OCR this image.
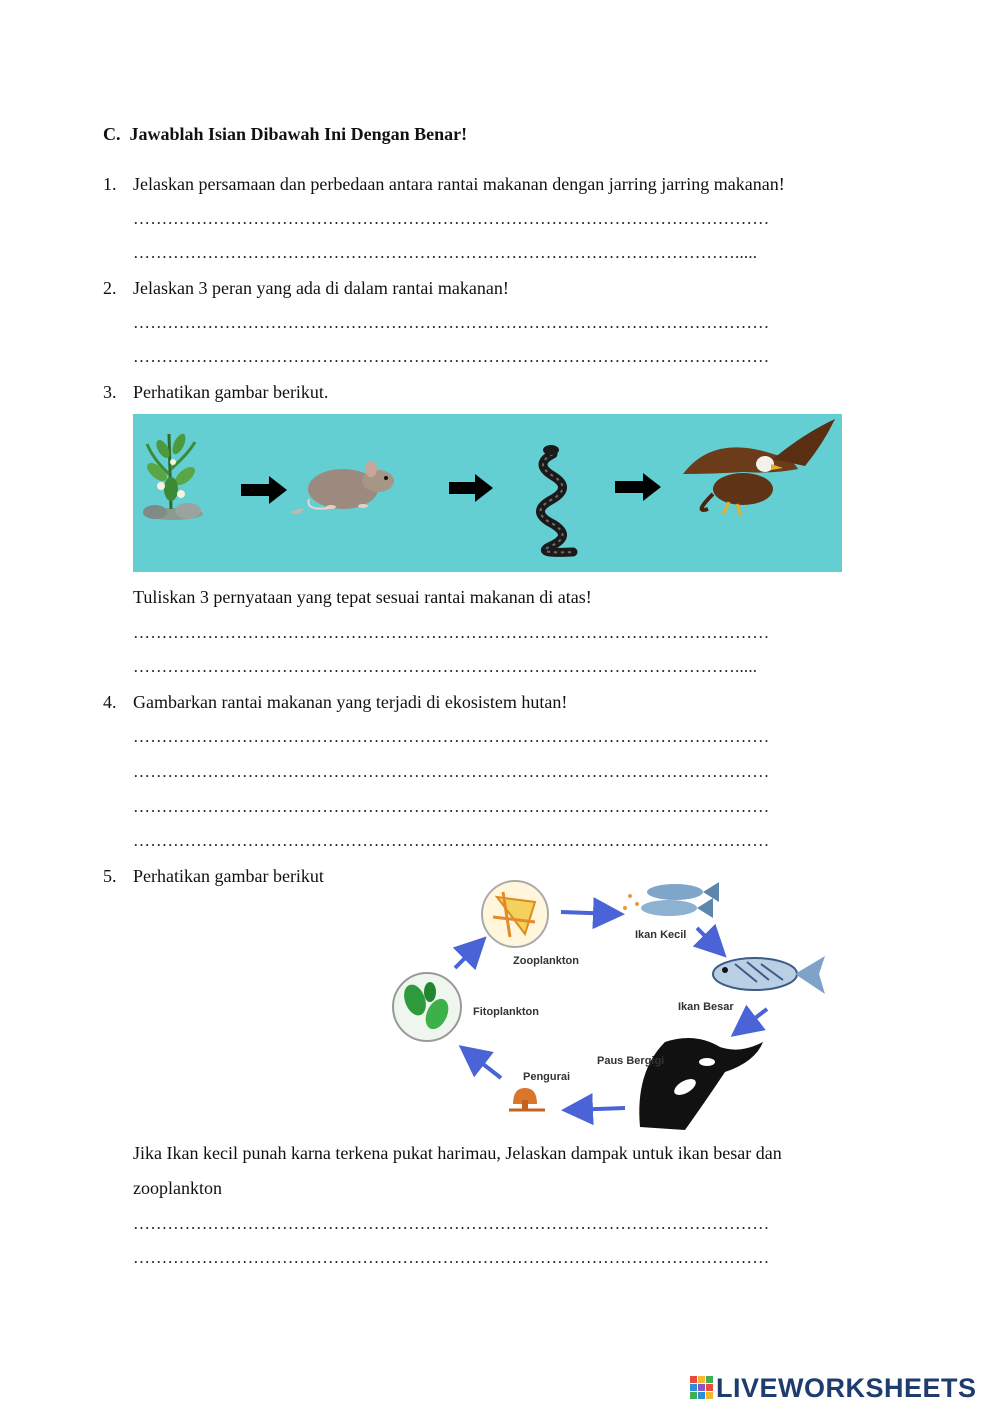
C. Jawablah Isian Dibawah Ini Dengan Benar!
1. Jelaskan persamaan dan perbedaan antara rantai makanan dengan jarring jarring makanan!
…………………………………………………………………………………………………
…………………………………………………………………………………………….....
2. Jelaskan 3 peran yang ada di dalam rantai makanan!
…………………………………………………………………………………………………
…………………………………………………………………………………………………
3. Perhatikan gambar berikut.
Tuliskan 3 pernyataan yang tepat sesuai rantai makanan di atas!
…………………………………………………………………………………………………
…………………………………………………………………………………………….....
4. Gambarkan rantai makanan yang terjadi di ekosistem hutan!
…………………………………………………………………………………………………
…………………………………………………………………………………………………
…………………………………………………………………………………………………
…………………………………………………………………………………………………
5. Perhatikan gambar berikut
Zooplankton
Ikan Kecil
Ikan Besar
Paus Bergigi
Pengurai
Fitoplankton
Jika Ikan kecil punah karna terkena pukat harimau, Jelaskan dampak untuk ikan besar dan
zooplankton
…………………………………………………………………………………………………
…………………………………………………………………………………………………
LIVEWORKSHEETS
